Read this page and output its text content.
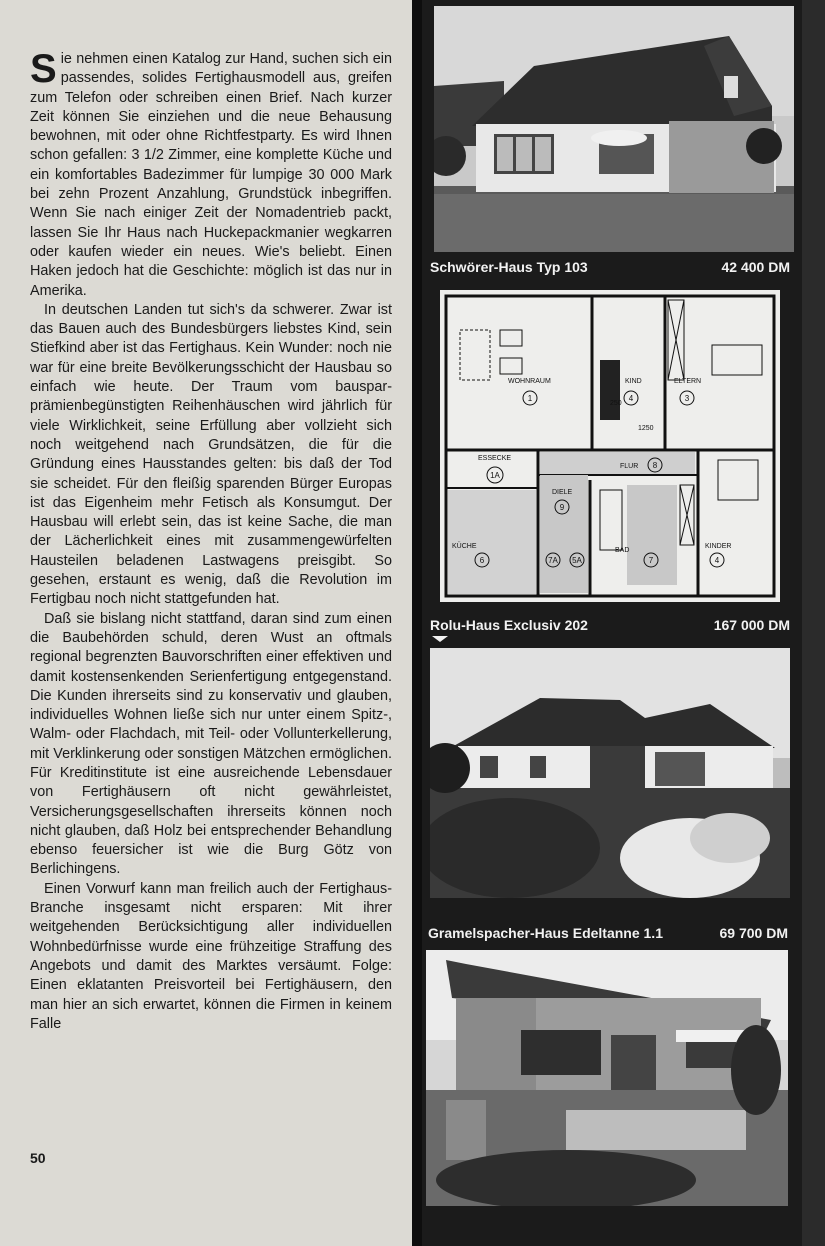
Sie nehmen einen Katalog zur Hand, suchen sich ein passendes, solides Fertighausmodell aus, greifen zum Telefon oder schreiben einen Brief. Nach kurzer Zeit können Sie einziehen und die neue Behausung bewohnen, mit oder ohne Richtfestparty. Es wird Ihnen schon gefallen: 3 1/2 Zimmer, eine komplette Küche und ein komfortables Badezimmer für lumpige 30 000 Mark bei zehn Prozent Anzahlung, Grundstück inbegriffen. Wenn Sie nach einiger Zeit der Nomadentrieb packt, lassen Sie Ihr Haus nach Huckepackmanier wegkarren oder kaufen wieder ein neues. Wie's beliebt. Einen Haken jedoch hat die Geschichte: möglich ist das nur in Amerika.

In deutschen Landen tut sich's da schwerer. Zwar ist das Bauen auch des Bundesbürgers liebstes Kind, sein Stiefkind aber ist das Fertighaus. Kein Wunder: noch nie war für eine breite Bevölkerungsschicht der Hausbau so einfach wie heute. Der Traum vom bauspar-prämienbegünstigten Reihenhäuschen wird jährlich für viele Wirklichkeit, seine Erfüllung aber vollzieht sich noch weitgehend nach Grundsätzen, die für die Gründung eines Hausstandes gelten: bis daß der Tod sie scheidet. Für den fleißig sparenden Bürger Europas ist das Eigenheim mehr Fetisch als Konsumgut. Der Hausbau will erlebt sein, das ist keine Sache, die man der Lächerlichkeit eines mit zusammengewürfelten Hausteilen beladenen Lastwagens preisgibt. So gesehen, erstaunt es wenig, daß die Revolution im Fertigbau noch nicht stattgefunden hat.

Daß sie bislang nicht stattfand, daran sind zum einen die Baubehörden schuld, deren Wust an oftmals regional begrenzten Bauvorschriften einer effektiven und damit kostensenkenden Serienfertigung entgegenstand. Die Kunden ihrerseits sind zu konservativ und glauben, individuelles Wohnen ließe sich nur unter einem Spitz-, Walm- oder Flachdach, mit Teil- oder Vollunterkellerung, mit Verklinkerung oder sonstigen Mätzchen ermöglichen. Für Kreditinstitute ist eine ausreichende Lebensdauer von Fertighäusern oft nicht gewährleistet, Versicherungsgesellschaften ihrerseits können noch nicht glauben, daß Holz bei entsprechender Behandlung ebenso feuersicher ist wie die Burg Götz von Berlichingens.

Einen Vorwurf kann man freilich auch der Fertighaus-Branche insgesamt nicht ersparen: Mit ihrer weitgehenden Berücksichtigung aller individuellen Wohnbedürfnisse wurde eine frühzeitige Straffung des Angebots und damit des Marktes versäumt. Folge: Einen eklatanten Preisvorteil bei Fertighäusern, den man hier an sich erwartet, können die Firmen in keinem Falle

50
Schwörer-Haus Typ 103	42 400 DM
WOHNRAUM	KIND	ELTERN
ESSECKE
FLUR
DIELE
KÜCHE
BAD
KINDER
250
1250
1	4	3
1A
8
9
6	7	4
7A 5A
Rolu-Haus Exclusiv 202	167 000 DM
Gramelspacher-Haus Edeltanne 1.1	69 700 DM
